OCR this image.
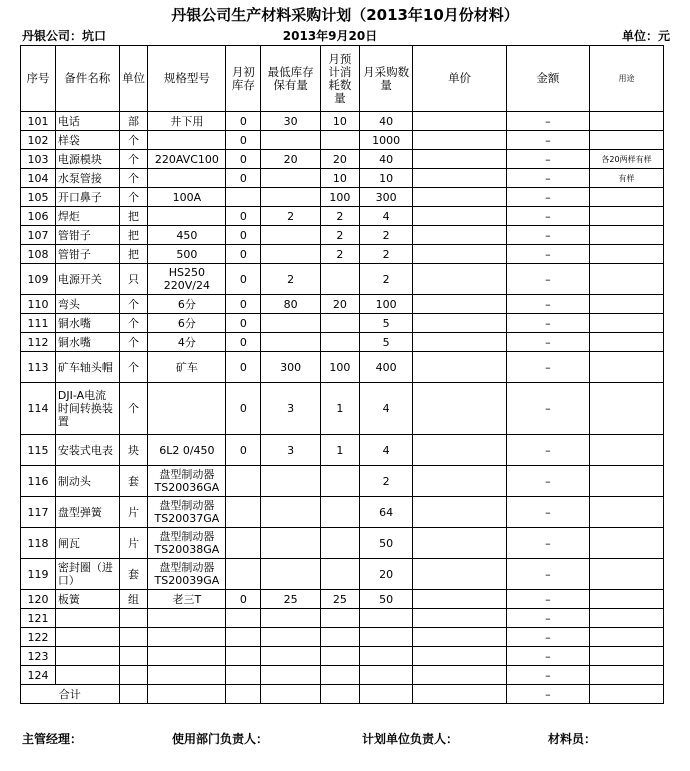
丹银公司生产材料采购计划（2013年10月份材料）
丹银公司：坑口	2013年9月20日	单位：元
序号	备件名称	单位	规格型号	月初库存	最低库存保有量	月预计消耗数量	月采购数量	单价	金额	用途
101	电话	部	井下用	0	30	10	40		–	
102	样袋	个		0			1000		–	
103	电源模块	个	220AVC100	0	20	20	40		–	各20两样有样
104	水泵管接	个		0		10	10		–	有样
105	开口鼻子	个	100A			100	300		–	
106	焊炬	把		0	2	2	4		–	
107	管钳子	把	450	0		2	2		–	
108	管钳子	把	500	0		2	2		–	
109	电源开关	只	HS250 220V/24	0	2		2		–	
110	弯头	个	6分	0	80	20	100		–	
111	铜水嘴	个	6分	0			5		–	
112	铜水嘴	个	4分	0			5		–	
113	矿车轴头帽	个	矿车	0	300	100	400		–	
114	DJI-A电流时间转换装置	个		0	3	1	4		–	
115	安装式电表	块	6L2 0/450	0	3	1	4		–	
116	制动头	套	盘型制动器TS20036GA				2		–	
117	盘型弹簧	片	盘型制动器TS20037GA				64		–	
118	闸瓦	片	盘型制动器TS20038GA				50		–	
119	密封圈（进口）	套	盘型制动器TS20039GA				20		–	
120	板簧	组	老三T	0	25	25	50		–	
121									–	
122									–	
123									–	
124									–	
合计									–	
主管经理：	使用部门负责人：	计划单位负责人：	材料员：
